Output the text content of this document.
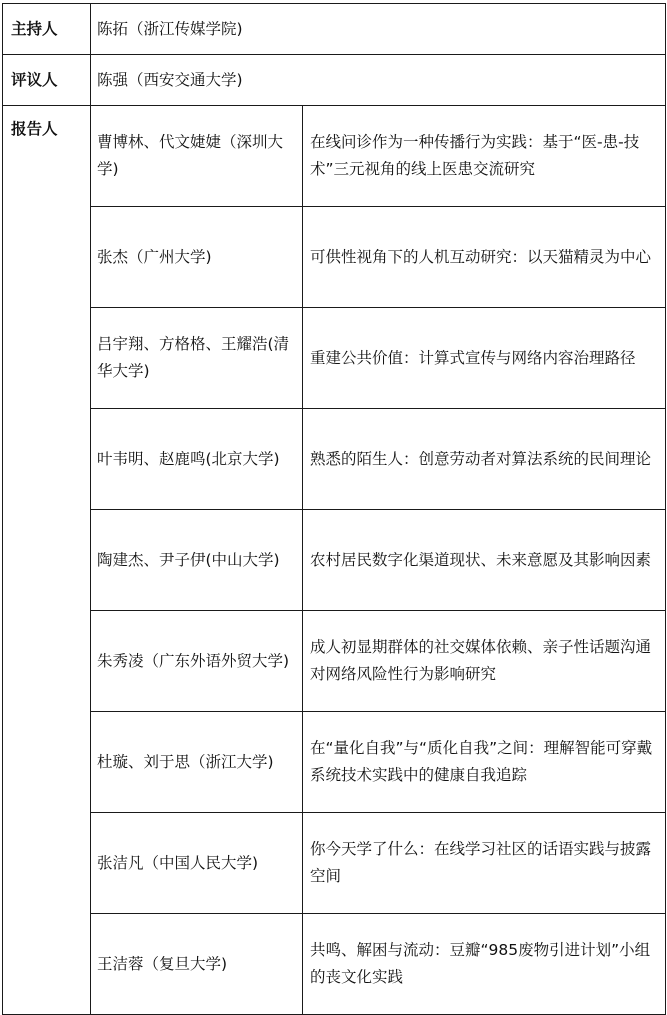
主持人	陈拓（浙江传媒学院)	
评议人	陈强（西安交通大学)	
报告人	曹博林、代文婕婕（深圳大学)	在线问诊作为一种传播行为实践：基于“医-患-技术”三元视角的线上医患交流研究
	张杰（广州大学)	可供性视角下的人机互动研究：以天猫精灵为中心
	吕宇翔、方格格、王耀浩(清华大学)	重建公共价值：计算式宣传与网络内容治理路径
	叶韦明、赵鹿鸣(北京大学)	熟悉的陌生人：创意劳动者对算法系统的民间理论
	陶建杰、尹子伊(中山大学)	农村居民数字化渠道现状、未来意愿及其影响因素
	朱秀凌（广东外语外贸大学)	成人初显期群体的社交媒体依赖、亲子性话题沟通对网络风险性行为影响研究
	杜璇、刘于思（浙江大学)	在“量化自我”与“质化自我”之间：理解智能可穿戴系统技术实践中的健康自我追踪
	张洁凡（中国人民大学)	你今天学了什么：在线学习社区的话语实践与披露空间
	王洁蓉（复旦大学)	共鸣、解困与流动：豆瓣“985废物引进计划”小组的丧文化实践
